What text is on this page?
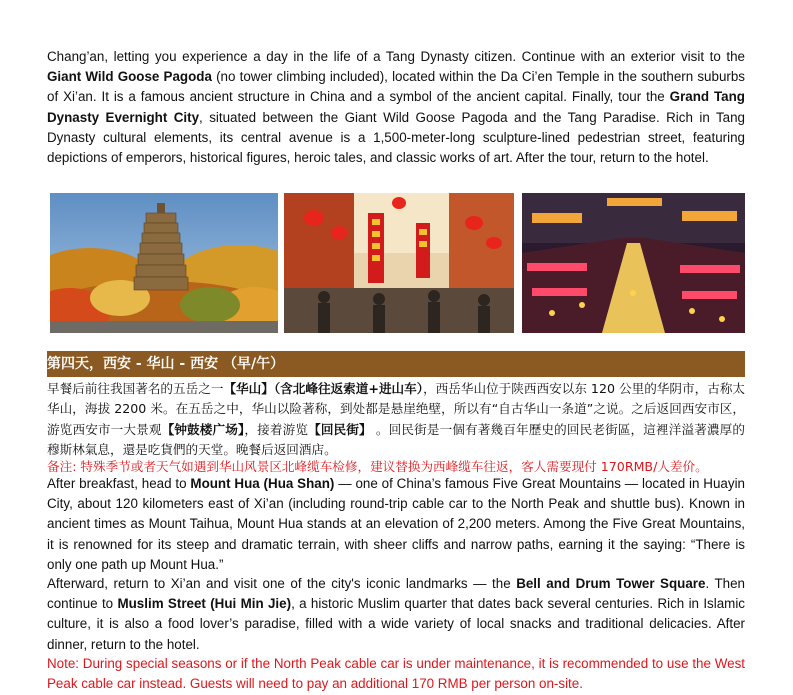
Chang’an, letting you experience a day in the life of a Tang Dynasty citizen. Continue with an exterior visit to the Giant Wild Goose Pagoda (no tower climbing included), located within the Da Ci’en Temple in the southern suburbs of Xi’an. It is a famous ancient structure in China and a symbol of the ancient capital. Finally, tour the Grand Tang Dynasty Evernight City, situated between the Giant Wild Goose Pagoda and the Tang Paradise. Rich in Tang Dynasty cultural elements, its central avenue is a 1,500-meter-long sculpture-lined pedestrian street, featuring depictions of emperors, historical figures, heroic tales, and classic works of art. After the tour, return to the hotel.
第四天，西安 - 华山 - 西安 （早/午）
早餐后前往我国著名的五岳之一【华山】（含北峰往返索道+进山车），西岳华山位于陕西西安以东 120 公里的华阴市，古称太华山，海拔 2200 米。在五岳之中，华山以险著称，到处都是悬崖绝壁，所以有“自古华山一条道”之说。之后返回西安市区，游览西安市一大景观【钟鼓楼广场】，接着游览【回民街】 。回民街是一個有著幾百年歷史的回民老街區，這裡洋溢著濃厚的穆斯林氣息，還是吃貨們的天堂。晚餐后返回酒店。
备注: 特殊季节或者天气如遇到华山风景区北峰缆车检修，建议替换为西峰缆车往返，客人需要现付 170RMB/人差价。
After breakfast, head to Mount Hua (Hua Shan) — one of China’s famous Five Great Mountains — located in Huayin City, about 120 kilometers east of Xi’an (including round-trip cable car to the North Peak and shuttle bus). Known in ancient times as Mount Taihua, Mount Hua stands at an elevation of 2,200 meters. Among the Five Great Mountains, it is renowned for its steep and dramatic terrain, with sheer cliffs and narrow paths, earning it the saying: “There is only one path up Mount Hua.”
Afterward, return to Xi’an and visit one of the city's iconic landmarks — the Bell and Drum Tower Square. Then continue to Muslim Street (Hui Min Jie), a historic Muslim quarter that dates back several centuries. Rich in Islamic culture, it is also a food lover’s paradise, filled with a wide variety of local snacks and traditional delicacies. After dinner, return to the hotel.
Note: During special seasons or if the North Peak cable car is under maintenance, it is recommended to use the West Peak cable car instead. Guests will need to pay an additional 170 RMB per person on-site.
